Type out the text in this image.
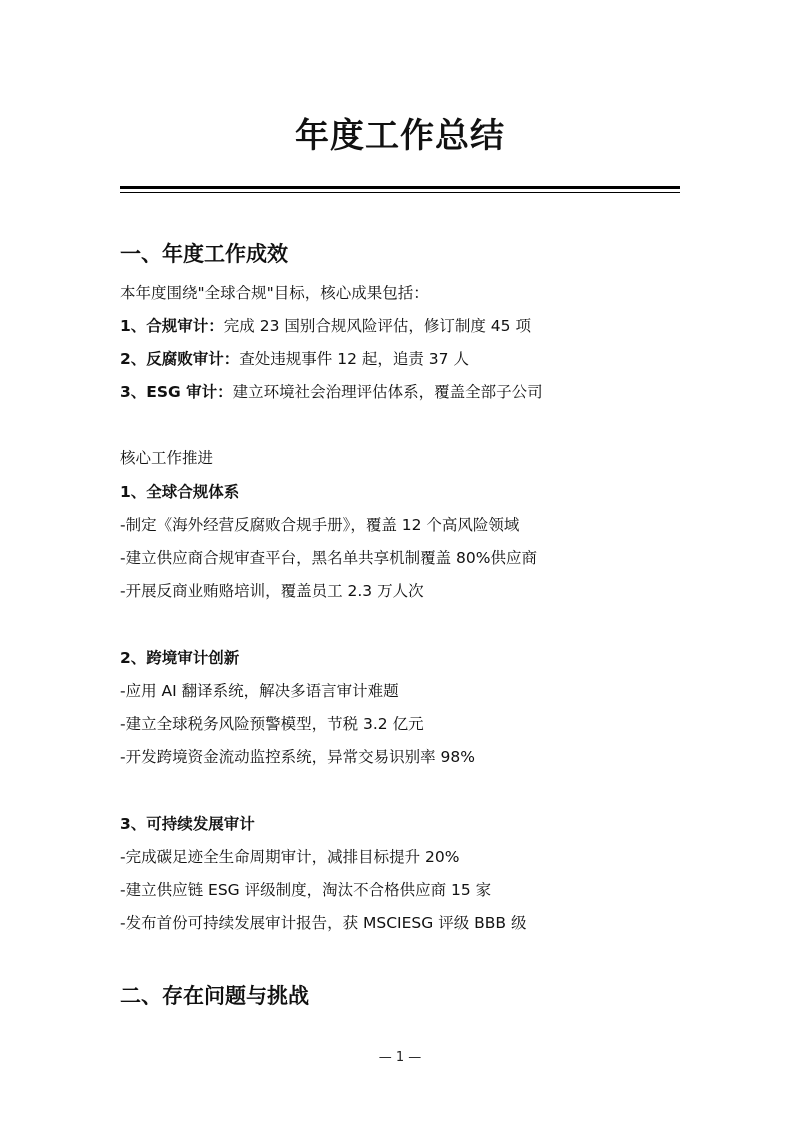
年度工作总结
一、年度工作成效
本年度围绕"全球合规"目标，核心成果包括：
1、合规审计：完成 23 国别合规风险评估，修订制度 45 项
2、反腐败审计：查处违规事件 12 起，追责 37 人
3、ESG 审计：建立环境社会治理评估体系，覆盖全部子公司
核心工作推进
1、全球合规体系
-制定《海外经营反腐败合规手册》，覆盖 12 个高风险领域
-建立供应商合规审查平台，黑名单共享机制覆盖 80%供应商
-开展反商业贿赂培训，覆盖员工 2.3 万人次
2、跨境审计创新
-应用 AI 翻译系统，解决多语言审计难题
-建立全球税务风险预警模型，节税 3.2 亿元
-开发跨境资金流动监控系统，异常交易识别率 98%
3、可持续发展审计
-完成碳足迹全生命周期审计，减排目标提升 20%
-建立供应链 ESG 评级制度，淘汰不合格供应商 15 家
-发布首份可持续发展审计报告，获 MSCIESG 评级 BBB 级
二、存在问题与挑战
— 1 —
